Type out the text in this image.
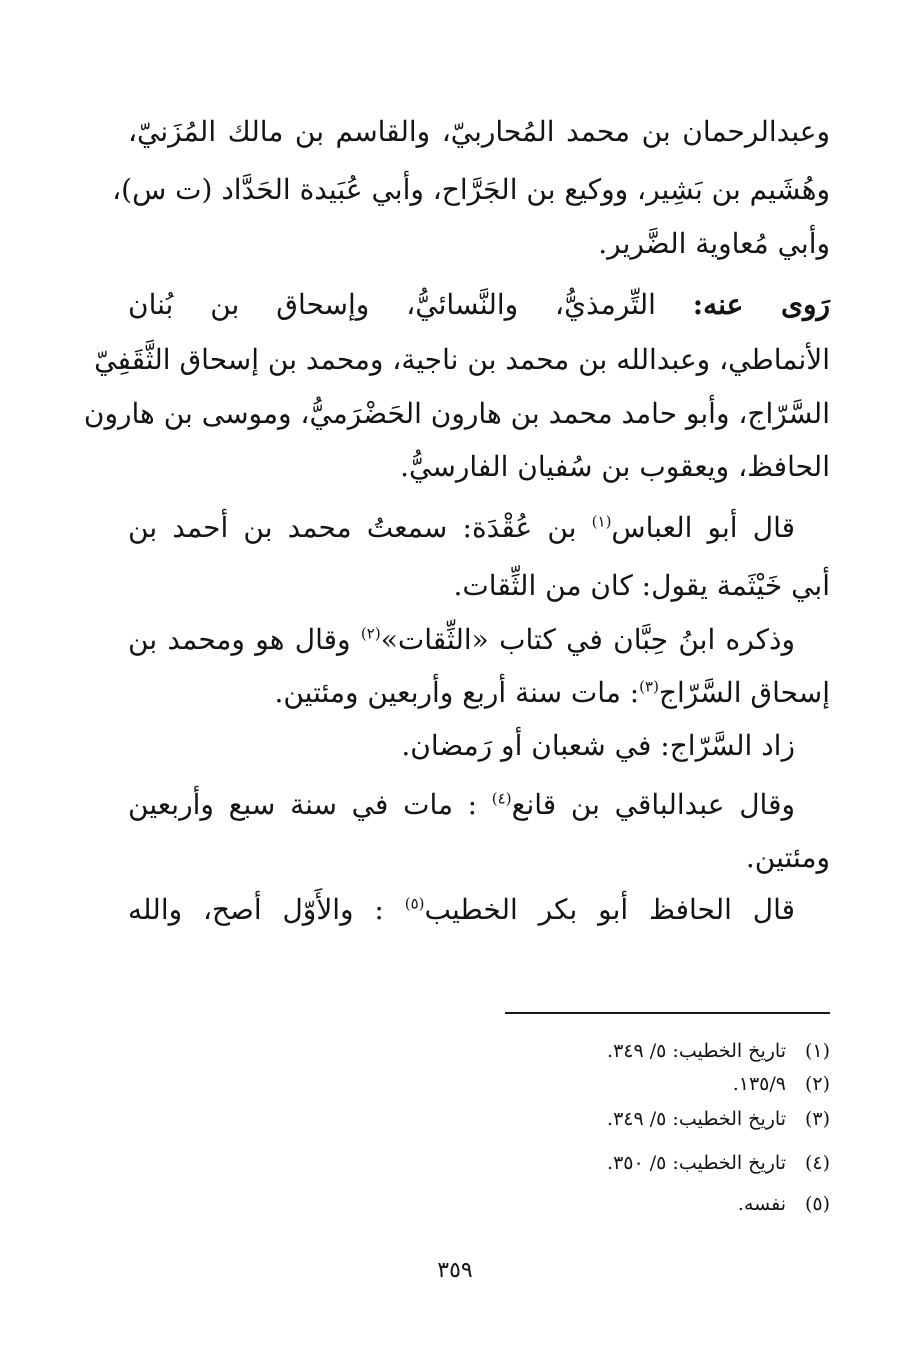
وعبدالرحمان بن محمد المُحاربيّ، والقاسم بن مالك المُزَنيّ،
وهُشَيم بن بَشِير، ووكيع بن الجَرَّاح، وأبي عُبَيدة الحَدَّاد (ت س)،
وأبي مُعاوية الضَّرير.
رَوى عنه: التِّرمذيُّ، والنَّسائيُّ، وإسحاق بن بُنان
الأنماطي، وعبدالله بن محمد بن ناجية، ومحمد بن إسحاق الثَّقَفِيّ
السَّرّاج، وأبو حامد محمد بن هارون الحَضْرَميُّ، وموسى بن هارون
الحافظ، ويعقوب بن سُفيان الفارسيُّ.
قال أبو العباس$^{(١)}$ بن عُقْدَة: سمعتُ محمد بن أحمد بن
أبي خَيْثَمة يقول: كان من الثِّقات.
وذكره ابنُ حِبَّان في كتاب «الثِّقات»$^{(٢)}$ وقال هو ومحمد بن
إسحاق السَّرّاج$^{(٣)}$: مات سنة أربع وأربعين ومئتين.
زاد السَّرّاج: في شعبان أو رَمضان.
وقال عبدالباقي بن قانع$^{(٤)}$ : مات في سنة سبع وأربعين
ومئتين.
قال الحافظ أبو بكر الخطيب$^{(٥)}$ : والأَوّل أصح، والله
(١)تاريخ الخطيب: ٥/ ٣٤٩.
(٢)١٣٥/٩.
(٣)تاريخ الخطيب: ٥/ ٣٤٩.
(٤)تاريخ الخطيب: ٥/ ٣٥٠.
(٥)نفسه.
٣٥٩
